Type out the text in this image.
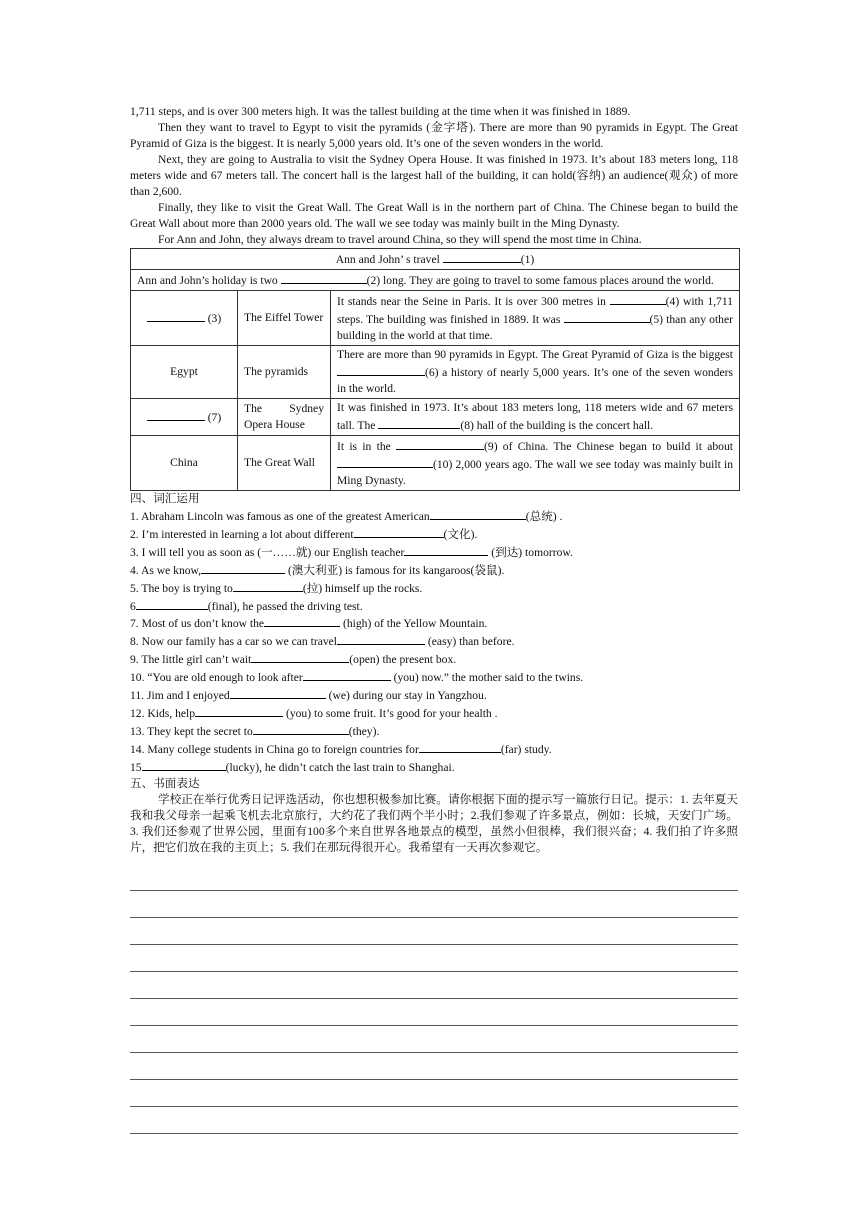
1,711 steps, and is over 300 meters high. It was the tallest building at the time when it was finished in 1889.

Then they want to travel to Egypt to visit the pyramids (金字塔). There are more than 90 pyramids in Egypt. The Great Pyramid of Giza is the biggest. It is nearly 5,000 years old. It’s one of the seven wonders in the world.

Next, they are going to Australia to visit the Sydney Opera House. It was finished in 1973. It’s about 183 meters long, 118 meters wide and 67 meters tall. The concert hall is the largest hall of the building, it can hold(容纳) an audience(观众) of more than 2,600.

Finally, they like to visit the Great Wall. The Great Wall is in the northern part of China. The Chinese began to build the Great Wall about more than 2000 years old. The wall we see today was mainly built in the Ming Dynasty.

For Ann and John, they always dream to travel around China, so they will spend the most time in China.

Ann and John’ s travel (1)		
Ann and John’s holiday is two (2) long. They are going to travel to some famous places around the world.		
(3)	The Eiffel Tower	It stands near the Seine in Paris. It is over 300 metres in (4) with 1,711 steps. The building was finished in 1889. It was (5) than any other building in the world at that time.
Egypt	The pyramids	There are more than 90 pyramids in Egypt. The Great Pyramid of Giza is the biggest (6) a history of nearly 5,000 years. It’s one of the seven wonders in the world.
(7)	The Sydney Opera House	It was finished in 1973. It’s about 183 meters long, 118 meters wide and 67 meters tall. The (8) hall of the building is the concert hall.
China	The Great Wall	It is in the (9) of China. The Chinese began to build it about (10) 2,000 years ago. The wall we see today was mainly built in Ming Dynasty.

四、词汇运用

1. Abraham Lincoln was famous as one of the greatest American	(总统) .

2. I’m interested in learning a lot about different	(文化).

3. I will tell you as soon as (一……就) our English teacher	(到达) tomorrow.

4. As we know,	(澳大利亚) is famous for its kangaroos(袋鼠).

5. The boy is trying to	(拉) himself up the rocks.

6	(final), he passed the driving test.

7. Most of us don’t know the	(high) of the Yellow Mountain.

8. Now our family has a car so we can travel	(easy) than before.

9. The little girl can’t wait	(open) the present box.

10. “You are old enough to look after	(you) now.” the mother said to the twins.

11. Jim and I enjoyed	(we) during our stay in Yangzhou.

12. Kids, help	(you) to some fruit. It’s good for your health .

13. They kept the secret to	(they).

14. Many college students in China go to foreign countries for	(far) study.

15	(lucky), he didn’t catch the last train to Shanghai.

五、书面表达

学校正在举行优秀日记评选活动，你也想积极参加比赛。请你根据下面的提示写一篇旅行日记。提示：1. 去年夏天我和我父母亲一起乘飞机去北京旅行，大约花了我们两个半小时；2.我们参观了许多景点，例如：长城，天安门广场。3. 我们还参观了世界公园，里面有100多个来自世界各地景点的模型，虽然小但很棒，我们很兴奋；4. 我们拍了许多照片，把它们放在我的主页上；5. 我们在那玩得很开心。我希望有一天再次参观它。
